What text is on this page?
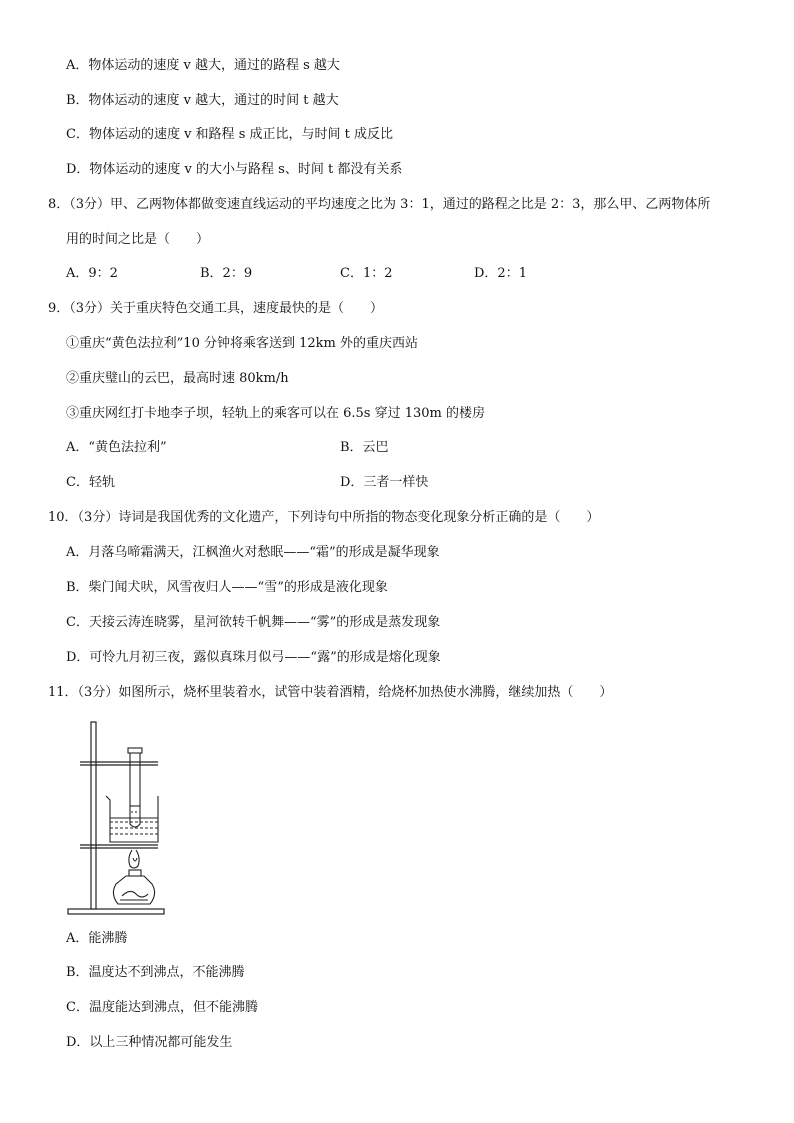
A．物体运动的速度 v 越大，通过的路程 s 越大
B．物体运动的速度 v 越大，通过的时间 t 越大
C．物体运动的速度 v 和路程 s 成正比，与时间 t 成反比
D．物体运动的速度 v 的大小与路程 s、时间 t 都没有关系
8．（3分）甲、乙两物体都做变速直线运动的平均速度之比为 3：1，通过的路程之比是 2：3，那么甲、乙两物体所
用的时间之比是（　　）
A．9：2	B．2：9	C．1：2	D．2：1
9．（3分）关于重庆特色交通工具，速度最快的是（　　）
①重庆“黄色法拉利”10 分钟将乘客送到 12km 外的重庆西站
②重庆璧山的云巴，最高时速 80km/h
③重庆网红打卡地李子坝，轻轨上的乘客可以在 6.5s 穿过 130m 的楼房
A．“黄色法拉利”	B．云巴
C．轻轨	D．三者一样快
10．（3分）诗词是我国优秀的文化遗产，下列诗句中所指的物态变化现象分析正确的是（　　）
A．月落乌啼霜满天，江枫渔火对愁眠——“霜”的形成是凝华现象
B．柴门闻犬吠，风雪夜归人——“雪”的形成是液化现象
C．天接云涛连晓雾，星河欲转千帆舞——“雾”的形成是蒸发现象
D．可怜九月初三夜，露似真珠月似弓——“露”的形成是熔化现象
11．（3分）如图所示，烧杯里装着水，试管中装着酒精，给烧杯加热使水沸腾，继续加热（　　）
A．能沸腾
B．温度达不到沸点，不能沸腾
C．温度能达到沸点，但不能沸腾
D．以上三种情况都可能发生
